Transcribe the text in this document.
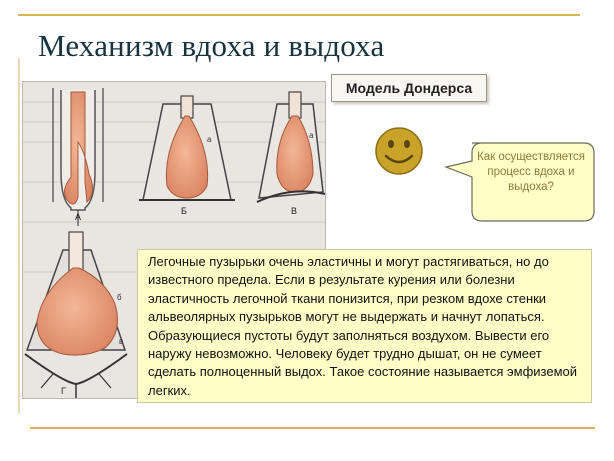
Механизм вдоха и выдоха
А
Б
а
В
а
Г
б
в
Модель Дондерса
Как осуществляется процесс вдоха и выдоха?
Легочные пузырьки очень эластичны и могут растягиваться, но до известного предела. Если в результате курения или болезни эластичность легочной ткани понизится, при резком вдохе стенки альвеолярных пузырьков могут не выдержать и начнут лопаться. Образующиеся пустоты будут заполняться воздухом. Вывести его наружу невозможно. Человеку будет трудно дышат, он не сумеет сделать полноценный выдох. Такое состояние называется эмфиземой легких.
